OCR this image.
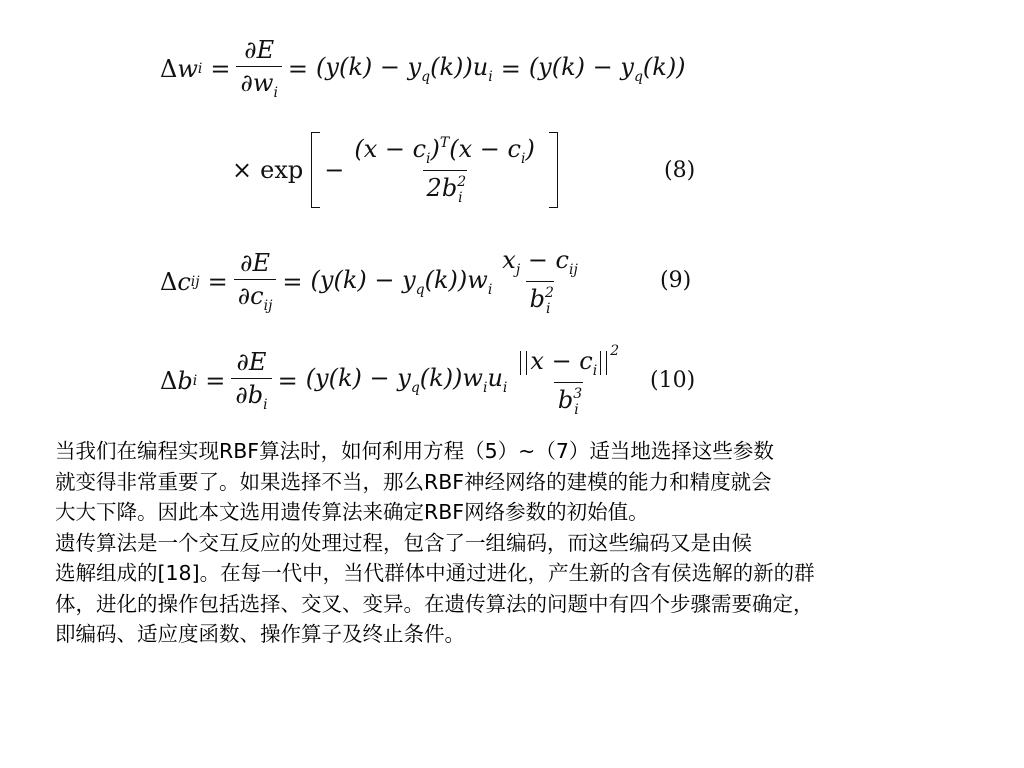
Δ w $i = \frac{\partial E}{\partial w_i} = (y(k) - y_q(k))u_i = (y(k) - y_q(k))$
× $\exp - \frac{(x - c_i)^T(x - c_i)}{2b^2_i}$	(8)
Δ c ij = $\frac{\partial E}{\partial c_{ij}} = (y(k) - y_q(k))w_i \frac{x_j - c_{ij}}{b^2_i}$	(9)
Δ b $i = \frac{\partial E}{\partial b_i} = (y(k) - y_q(k))w_iu_i \frac{x - c_i^2}{b^3_i} (10)$

当我们在编程实现RBF算法时，如何利用方程（5）~（7）适当地选择这些参数

就变得非常重要了。如果选择不当，那么RBF神经网络的建模的能力和精度就会

大大下降。因此本文选用遗传算法来确定RBF网络参数的初始值。

遗传算法是一个交互反应的处理过程，包含了一组编码，而这些编码又是由候

选解组成的[18]。在每一代中，当代群体中通过进化，产生新的含有侯选解的新的群

体，进化的操作包括选择、交叉、变异。在遗传算法的问题中有四个步骤需要确定，

即编码、适应度函数、操作算子及终止条件。
